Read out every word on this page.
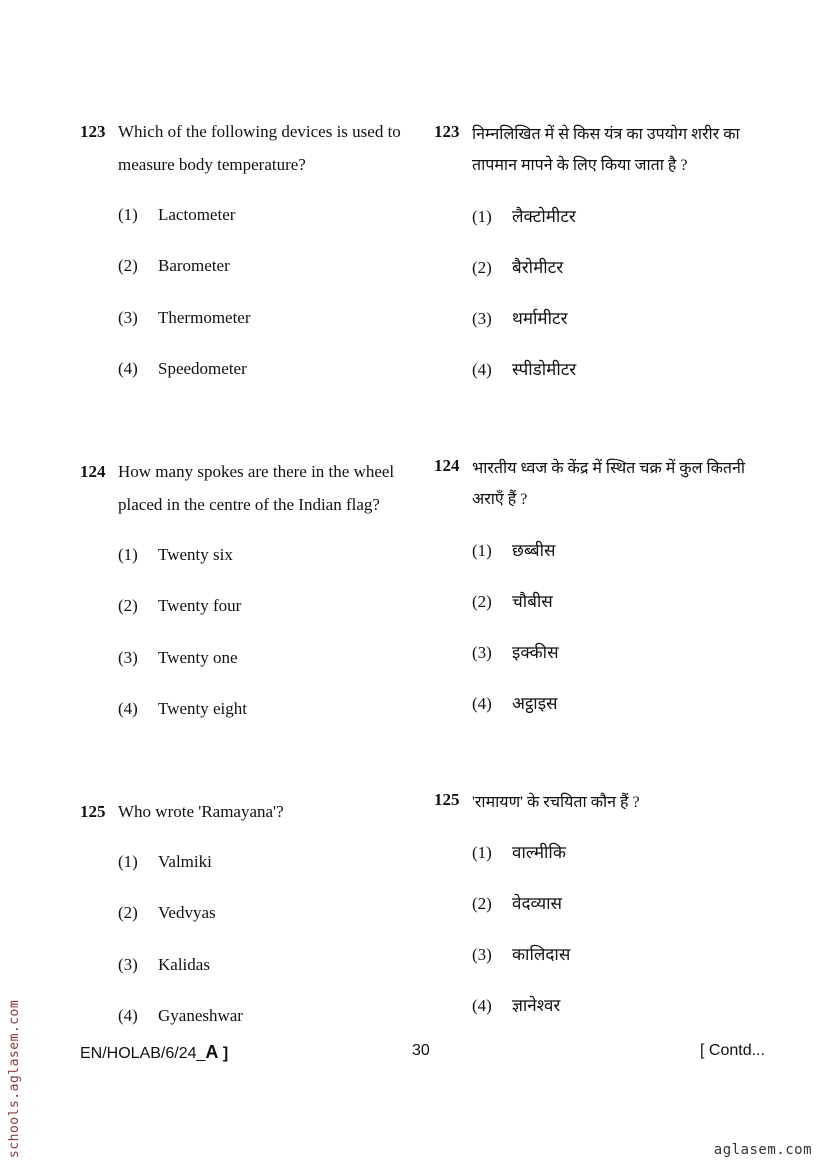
123 Which of the following devices is used to
measure body temperature?
(1) Lactometer
(2) Barometer
(3) Thermometer
(4) Speedometer
124 How many spokes are there in the wheel
placed in the centre of the Indian flag?
(1) Twenty six
(2) Twenty four
(3) Twenty one
(4) Twenty eight
125 Who wrote 'Ramayana'?
(1) Valmiki
(2) Vedvyas
(3) Kalidas
(4) Gyaneshwar
123 निम्नलिखित में से किस यंत्र का उपयोग शरीर का
तापमान मापने के लिए किया जाता है ?
(1) लैक्टोमीटर
(2) बैरोमीटर
(3) थर्मामीटर
(4) स्पीडोमीटर
124 भारतीय ध्वज के केंद्र में स्थित चक्र में कुल कितनी
अराएँ हैं ?
(1) छब्बीस
(2) चौबीस
(3) इक्कीस
(4) अट्ठाइस
125 'रामायण' के रचयिता कौन हैं ?
(1) वाल्मीकि
(2) वेदव्यास
(3) कालिदास
(4) ज्ञानेश्वर
EN/HOLAB/6/24_A ]	30	[ Contd...
schools.aglasem.com	aglasem.com
